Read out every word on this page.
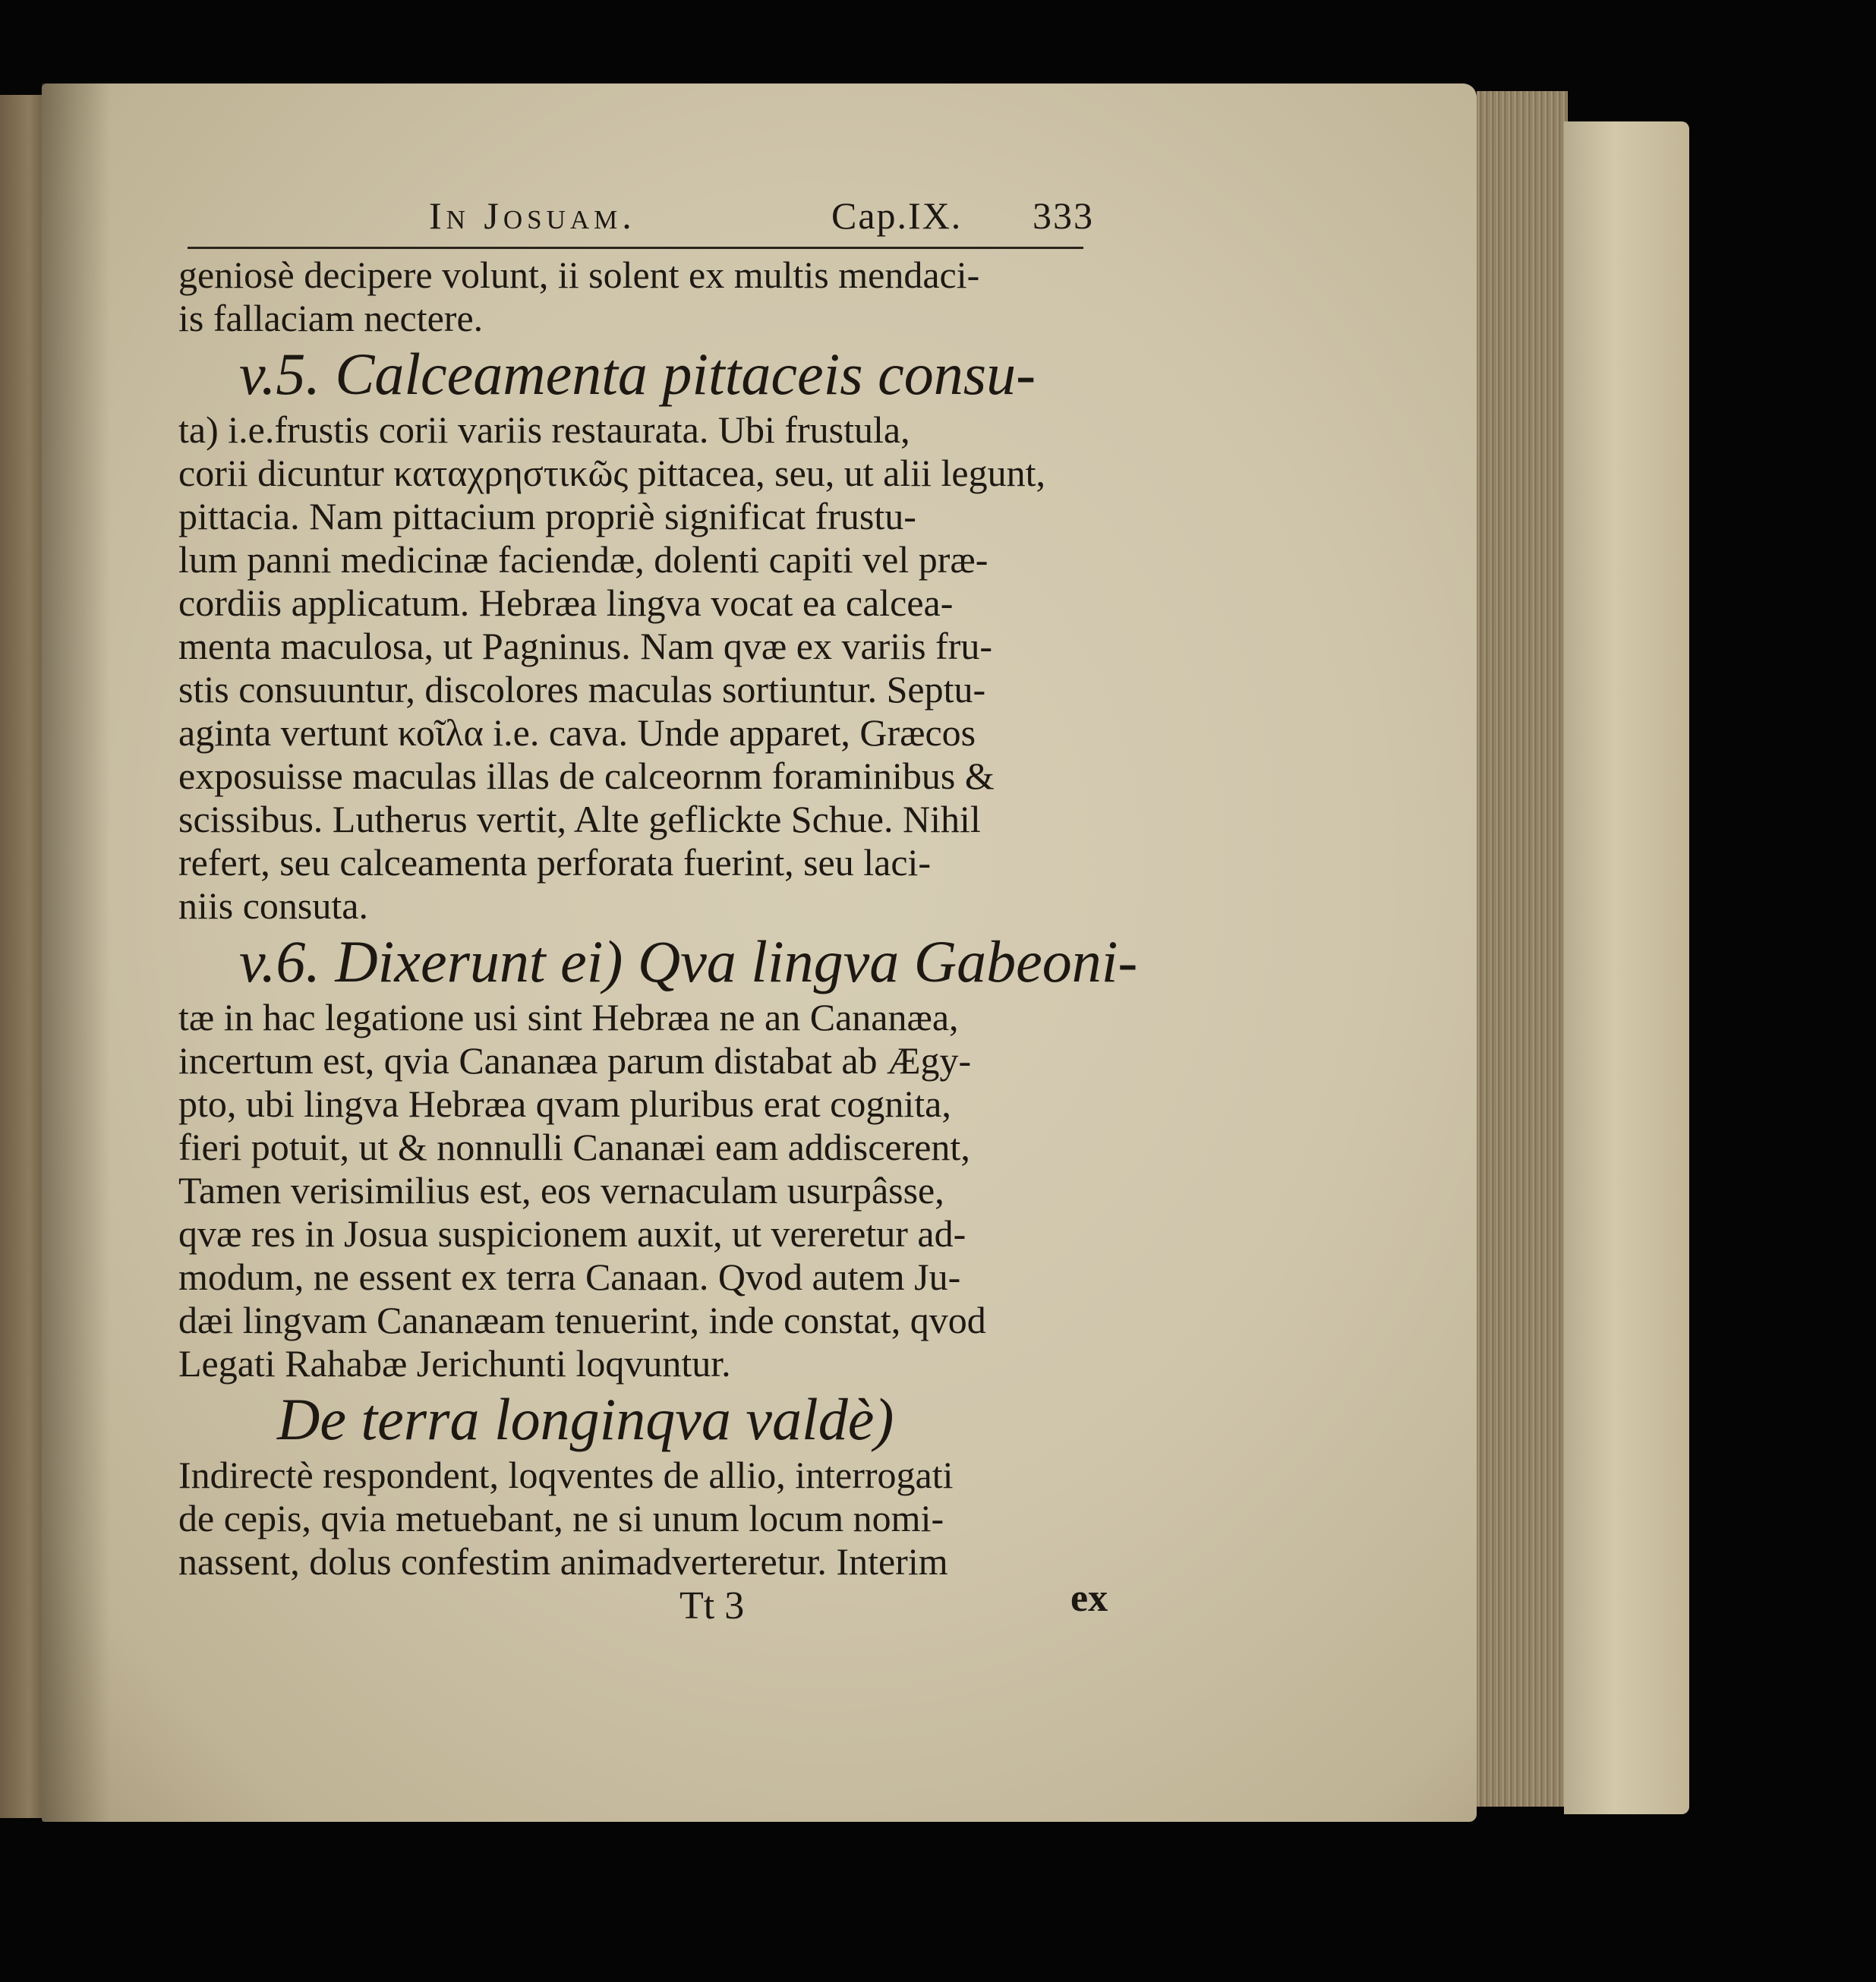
In Josuam.	Cap.IX. 333
geniosè decipere volunt, ii solent ex multis mendaci-
is fallaciam nectere.
v.5. Calceamenta pittaceis consu-
ta) i.e.frustis corii variis restaurata. Ubi frustula,
corii dicuntur καταχρηστικῶς pittacea, seu, ut alii legunt,
pittacia. Nam pittacium propriè significat frustu-
lum panni medicinæ faciendæ, dolenti capiti vel præ-
cordiis applicatum. Hebræa lingva vocat ea calcea-
menta maculosa, ut Pagninus. Nam qvæ ex variis fru-
stis consuuntur, discolores maculas sortiuntur. Septu-
aginta vertunt κοῖλα i.e. cava. Unde apparet, Græcos
exposuisse maculas illas de calceornm foraminibus &
scissibus. Lutherus vertit, Alte geflickte Schue. Nihil
refert, seu calceamenta perforata fuerint, seu laci-
niis consuta.
v.6. Dixerunt ei) Qva lingva Gabeoni-
tæ in hac legatione usi sint Hebræa ne an Cananæa,
incertum est, qvia Cananæa parum distabat ab Ægy-
pto, ubi lingva Hebræa qvam pluribus erat cognita,
fieri potuit, ut & nonnulli Cananæi eam addiscerent,
Tamen verisimilius est, eos vernaculam usurpâsse,
qvæ res in Josua suspicionem auxit, ut vereretur ad-
modum, ne essent ex terra Canaan. Qvod autem Ju-
dæi lingvam Cananæam tenuerint, inde constat, qvod
Legati Rahabæ Jerichunti loqvuntur.
De terra longinqva valdè)
Indirectè respondent, loqventes de allio, interrogati
de cepis, qvia metuebant, ne si unum locum nomi-
nassent, dolus confestim animadverteretur. Interim
Tt 3	ex
